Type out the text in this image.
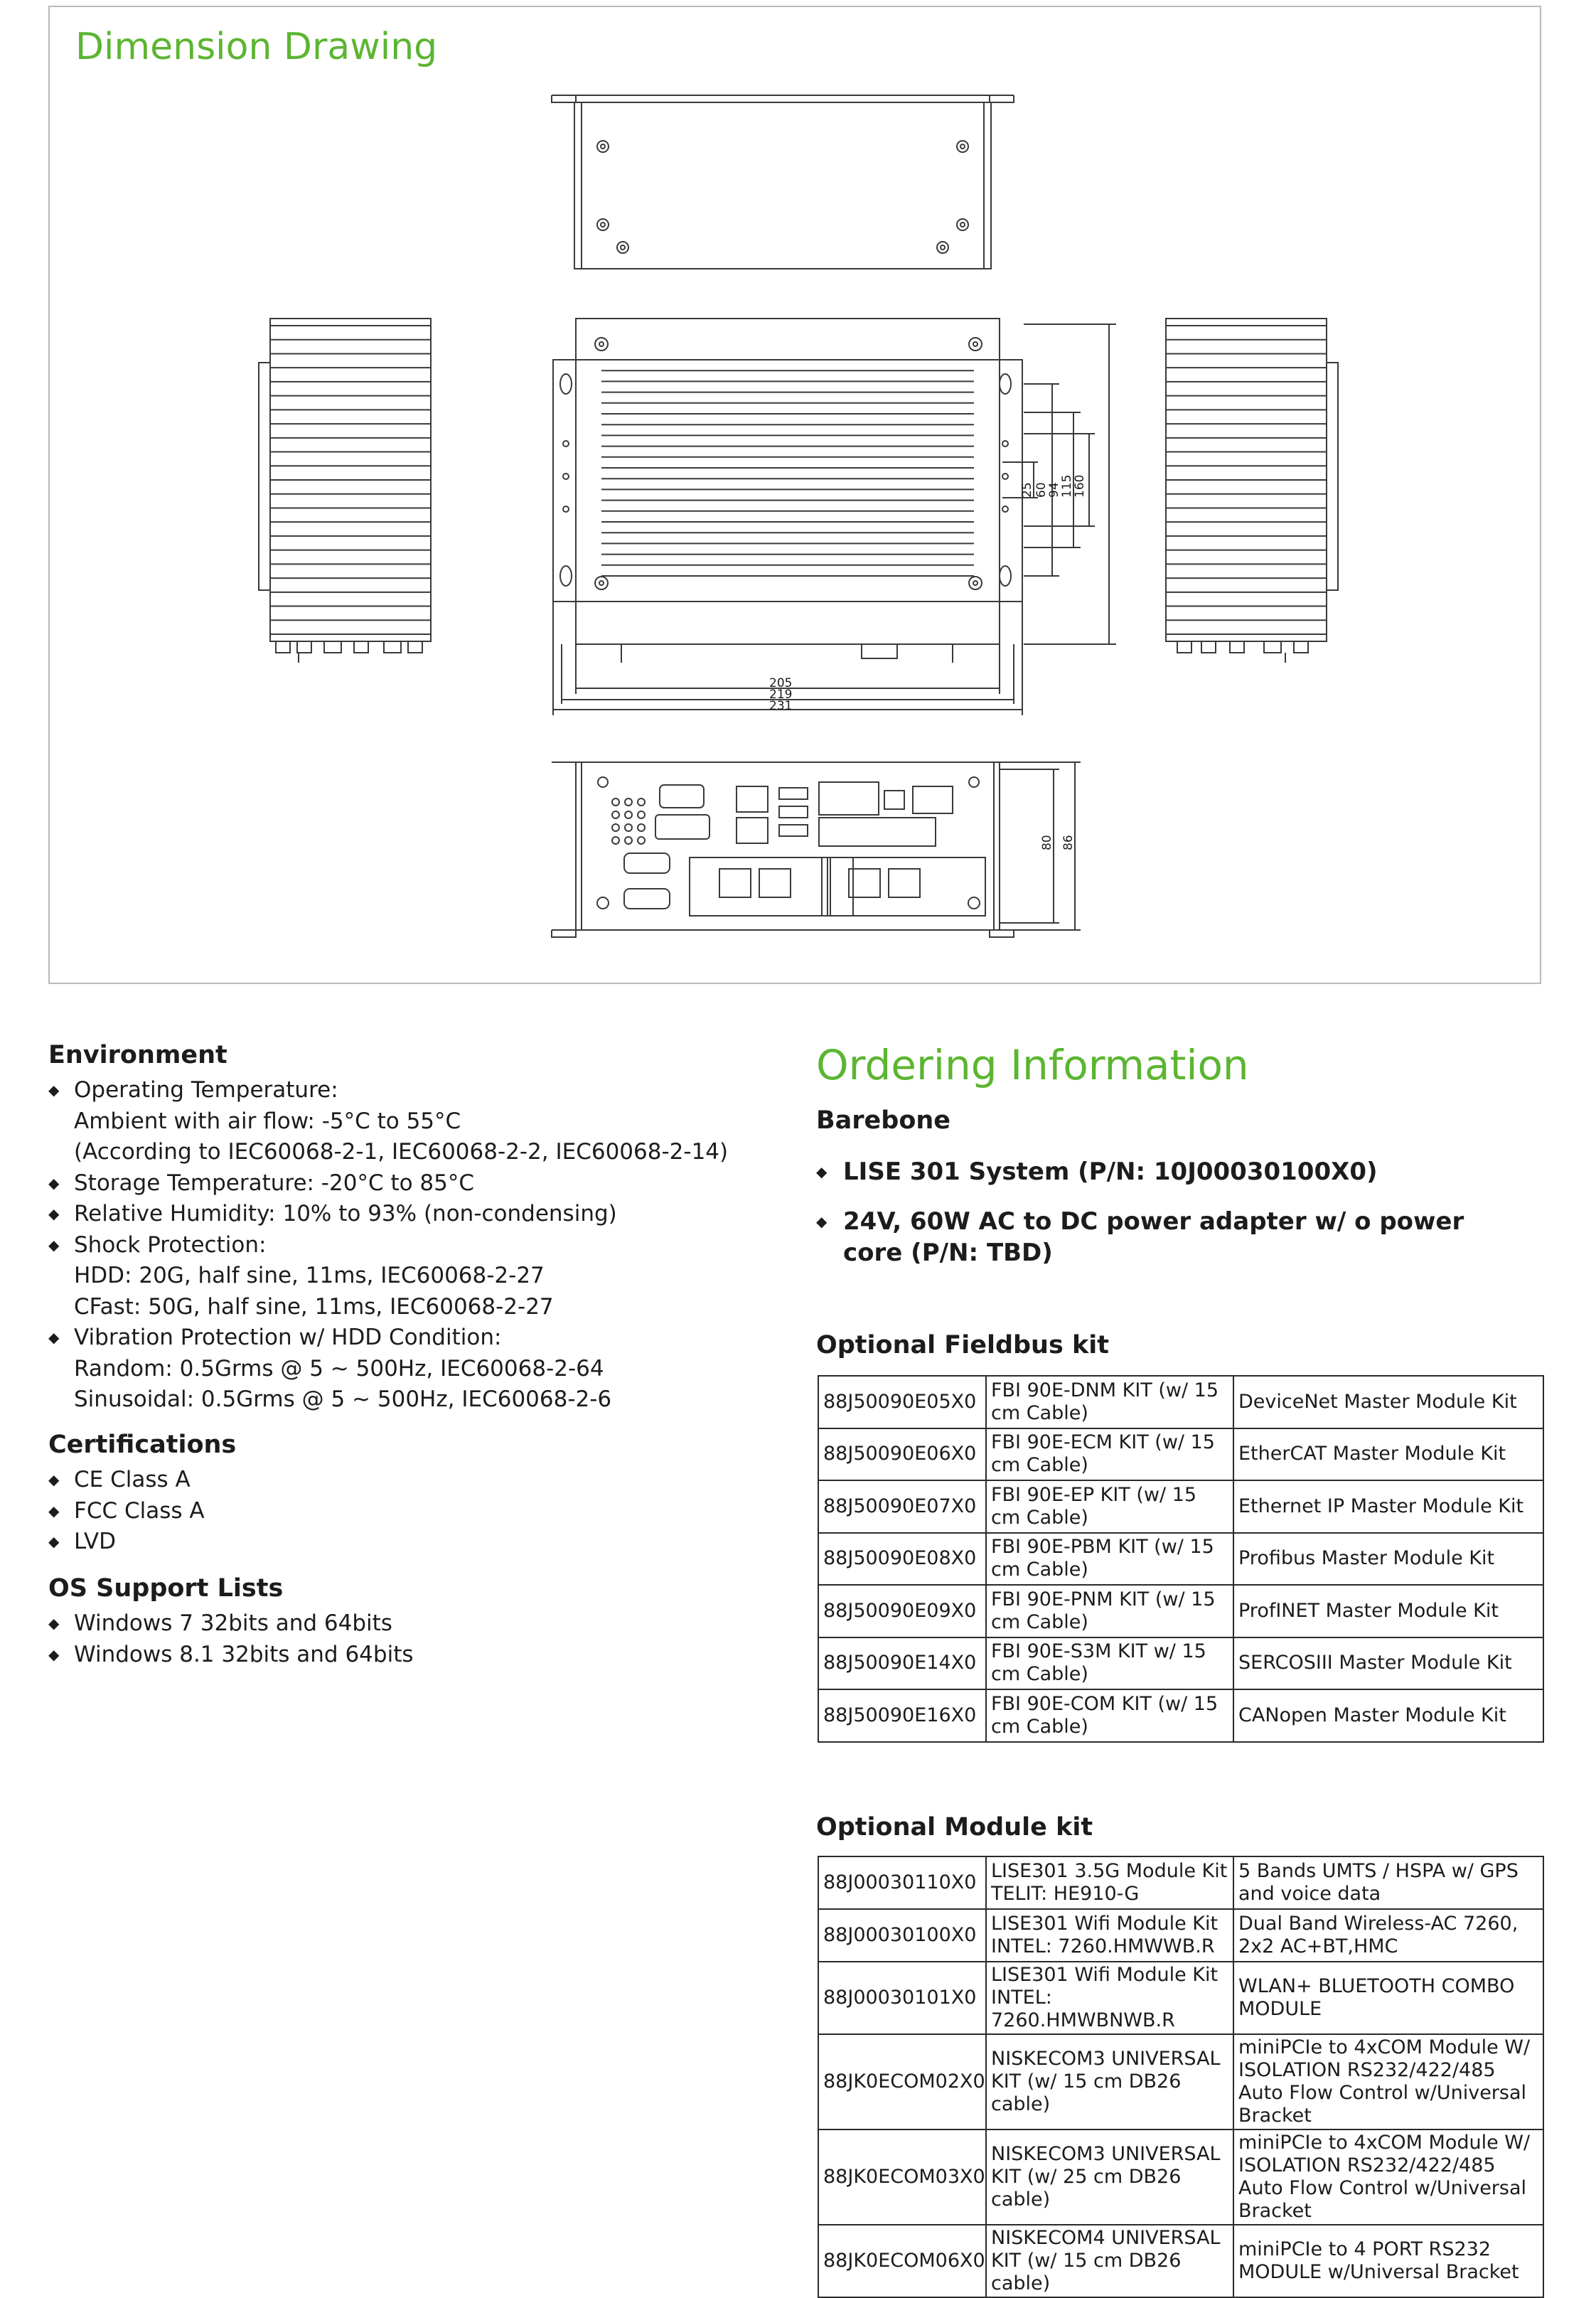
Dimension Drawing
25 60
94
115
160
205
219
231
80 86
Environment
◆ Operating Temperature:
Ambient with air flow: -5°C to 55°C
(According to IEC60068-2-1, IEC60068-2-2, IEC60068-2-14)
◆ Storage Temperature: -20°C to 85°C
◆ Relative Humidity: 10% to 93% (non-condensing)
◆ Shock Protection:
HDD: 20G, half sine, 11ms, IEC60068-2-27
CFast: 50G, half sine, 11ms, IEC60068-2-27
◆ Vibration Protection w/ HDD Condition:
Random: 0.5Grms @ 5 ~ 500Hz, IEC60068-2-64
Sinusoidal: 0.5Grms @ 5 ~ 500Hz, IEC60068-2-6
Certifications
◆ CE Class A
◆ FCC Class A
◆ LVD
OS Support Lists
◆ Windows 7 32bits and 64bits
◆ Windows 8.1 32bits and 64bits
Ordering Information
Barebone
◆ LISE 301 System (P/N: 10J00030100X0)
◆ 24V, 60W AC to DC power adapter w/ o power core (P/N: TBD)
Optional Fieldbus kit
88J50090E05X0	FBI 90E-DNM KIT (w/ 15 cm Cable)	DeviceNet Master Module Kit
88J50090E06X0	FBI 90E-ECM KIT (w/ 15 cm Cable)	EtherCAT Master Module Kit
88J50090E07X0	FBI 90E-EP KIT (w/ 15 cm Cable)	Ethernet IP Master Module Kit
88J50090E08X0	FBI 90E-PBM KIT (w/ 15 cm Cable)	Profibus Master Module Kit
88J50090E09X0	FBI 90E-PNM KIT (w/ 15 cm Cable)	ProfINET Master Module Kit
88J50090E14X0	FBI 90E-S3M KIT w/ 15 cm Cable)	SERCOSIII Master Module Kit
88J50090E16X0	FBI 90E-COM KIT (w/ 15 cm Cable)	CANopen Master Module Kit
Optional Module kit
88J00030110X0	LISE301 3.5G Module Kit TELIT: HE910-G	5 Bands UMTS / HSPA w/ GPS and voice data
88J00030100X0	LISE301 Wifi Module Kit INTEL: 7260.HMWWB.R	Dual Band Wireless-AC 7260, 2x2 AC+BT,HMC
88J00030101X0	LISE301 Wifi Module Kit INTEL: 7260.HMWBNWB.R	WLAN+ BLUETOOTH COMBO MODULE
88JK0ECOM02X0	NISKECOM3 UNIVERSAL KIT (w/ 15 cm DB26 cable)	miniPCIe to 4xCOM Module W/ ISOLATION RS232/422/485 Auto Flow Control w/Universal Bracket
88JK0ECOM03X0	NISKECOM3 UNIVERSAL KIT (w/ 25 cm DB26 cable)	miniPCIe to 4xCOM Module W/ ISOLATION RS232/422/485 Auto Flow Control w/Universal Bracket
88JK0ECOM06X0	NISKECOM4 UNIVERSAL KIT (w/ 15 cm DB26 cable)	miniPCIe to 4 PORT RS232 MODULE w/Universal Bracket
